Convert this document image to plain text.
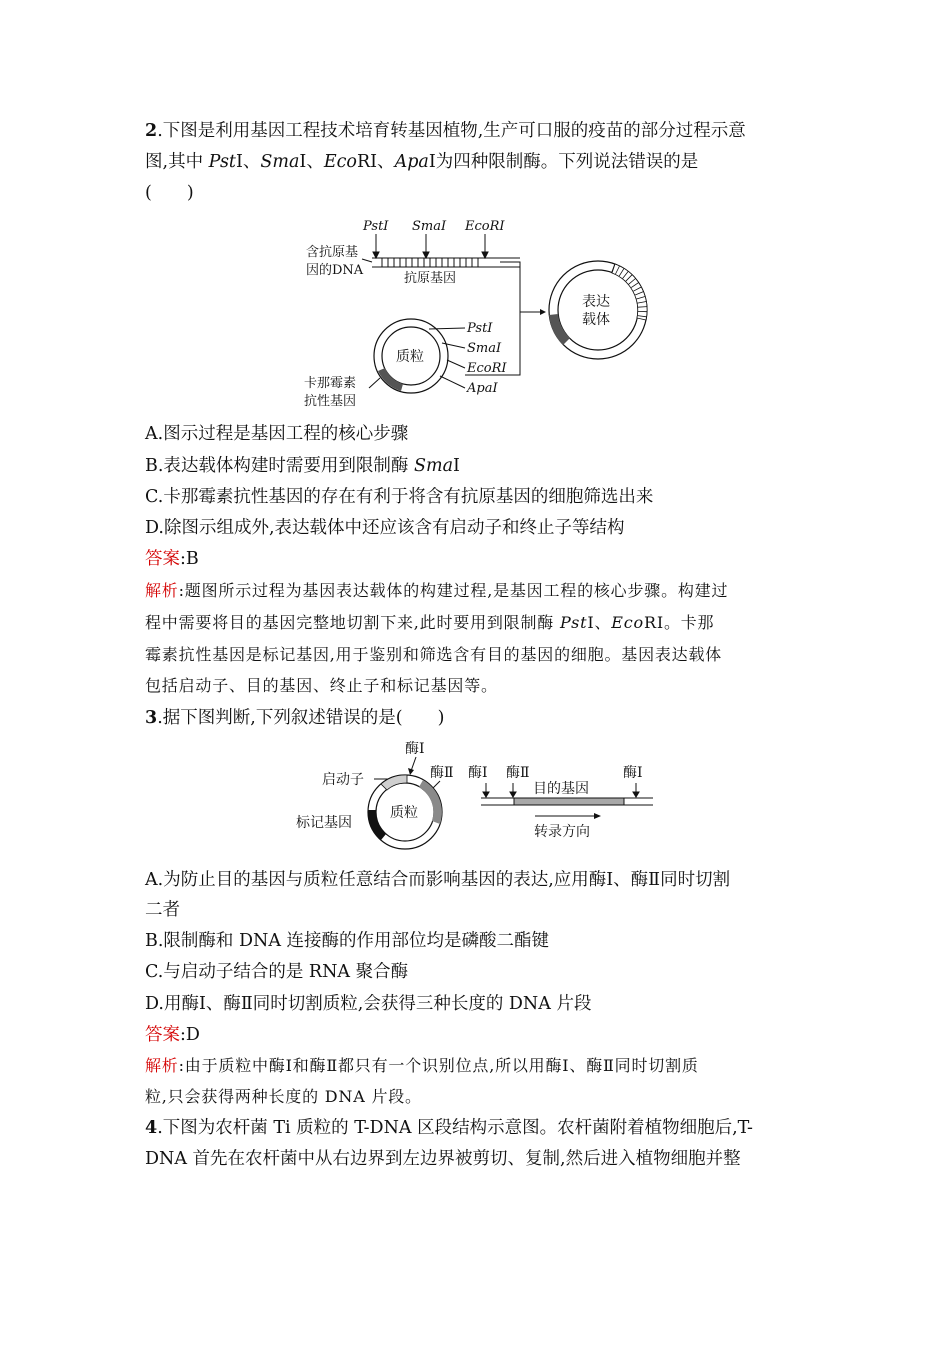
2.下图是利用基因工程技术培育转基因植物,生产可口服的疫苗的部分过程示意
图,其中 PstⅠ、SmaⅠ、EcoRⅠ、ApaⅠ为四种限制酶。下列说法错误的是
(　　)
PstⅠ SmaⅠ EcoRⅠ
含抗原基
因的DNA
抗原基因
表达
载体
质粒
PstⅠ
SmaⅠ
EcoRⅠ
ApaⅠ
卡那霉素
抗性基因
A.图示过程是基因工程的核心步骤
B.表达载体构建时需要用到限制酶 SmaⅠ
C.卡那霉素抗性基因的存在有利于将含有抗原基因的细胞筛选出来
D.除图示组成外,表达载体中还应该含有启动子和终止子等结构
答案:B
解析:题图所示过程为基因表达载体的构建过程,是基因工程的核心步骤。构建过
程中需要将目的基因完整地切割下来,此时要用到限制酶 PstⅠ、EcoRⅠ。卡那
霉素抗性基因是标记基因,用于鉴别和筛选含有目的基因的细胞。基因表达载体
包括启动子、目的基因、终止子和标记基因等。
3.据下图判断,下列叙述错误的是(　　)
酶Ⅰ
启动子	酶Ⅱ
标记基因
质粒
酶Ⅰ 酶Ⅱ	酶Ⅰ
目的基因
转录方向
A.为防止目的基因与质粒任意结合而影响基因的表达,应用酶Ⅰ、酶Ⅱ同时切割
二者
B.限制酶和 DNA 连接酶的作用部位均是磷酸二酯键
C.与启动子结合的是 RNA 聚合酶
D.用酶Ⅰ、酶Ⅱ同时切割质粒,会获得三种长度的 DNA 片段
答案:D
解析:由于质粒中酶Ⅰ和酶Ⅱ都只有一个识别位点,所以用酶Ⅰ、酶Ⅱ同时切割质
粒,只会获得两种长度的 DNA 片段。
4.下图为农杆菌 Ti 质粒的 T-DNA 区段结构示意图。农杆菌附着植物细胞后,T-
DNA 首先在农杆菌中从右边界到左边界被剪切、复制,然后进入植物细胞并整
